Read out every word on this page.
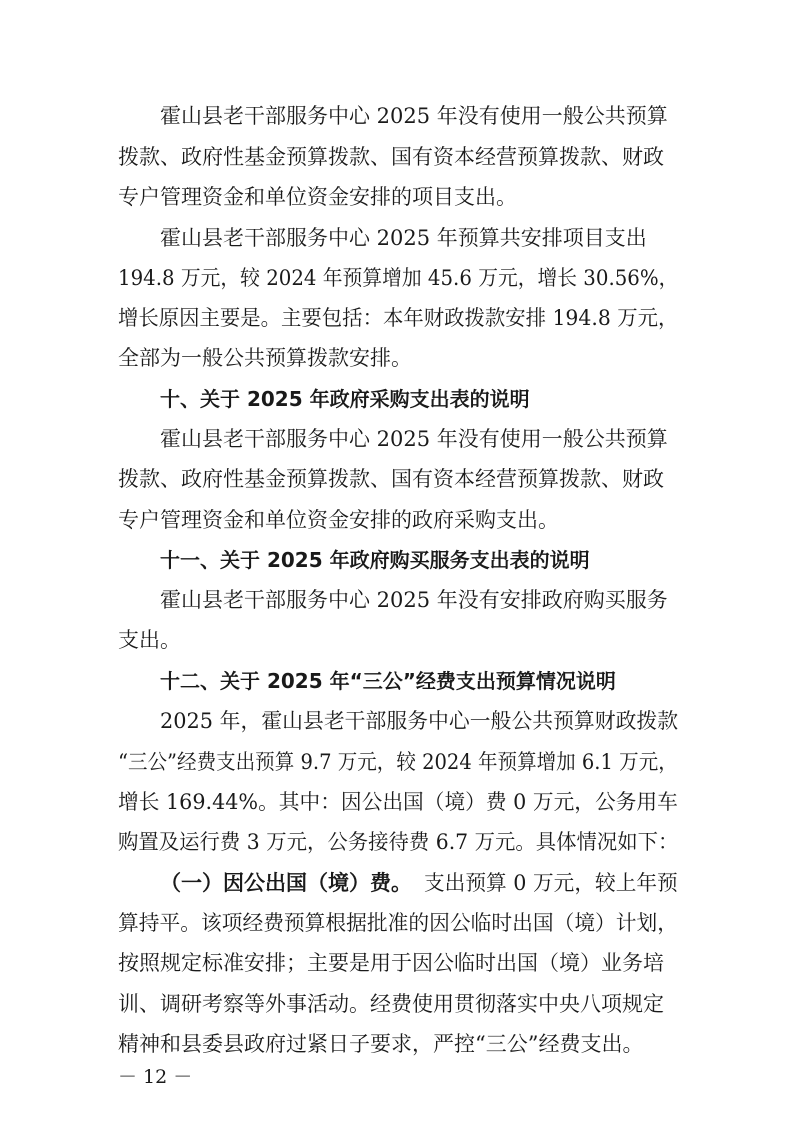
霍山县老干部服务中心 2025 年没有使用一般公共预算
拨款、政府性基金预算拨款、国有资本经营预算拨款、财政
专户管理资金和单位资金安排的项目支出。
霍山县老干部服务中心 2025 年预算共安排项目支出
194.8 万元，较 2024 年预算增加 45.6 万元，增长 30.56%，
增长原因主要是。主要包括：本年财政拨款安排 194.8 万元，
全部为一般公共预算拨款安排。
十、关于 2025 年政府采购支出表的说明
霍山县老干部服务中心 2025 年没有使用一般公共预算
拨款、政府性基金预算拨款、国有资本经营预算拨款、财政
专户管理资金和单位资金安排的政府采购支出。
十一、关于 2025 年政府购买服务支出表的说明
霍山县老干部服务中心 2025 年没有安排政府购买服务
支出。
十二、关于 2025 年“三公”经费支出预算情况说明
2025 年，霍山县老干部服务中心一般公共预算财政拨款
“三公”经费支出预算 9.7 万元，较 2024 年预算增加 6.1 万元，
增长 169.44%。其中：因公出国（境）费 0 万元，公务用车
购置及运行费 3 万元，公务接待费 6.7 万元。具体情况如下：
（一）因公出国（境）费。 支出预算 0 万元，较上年预
算持平。该项经费预算根据批准的因公临时出国（境）计划，
按照规定标准安排；主要是用于因公临时出国（境）业务培
训、调研考察等外事活动。经费使用贯彻落实中央八项规定
精神和县委县政府过紧日子要求，严控“三公”经费支出。
－ 12 －
